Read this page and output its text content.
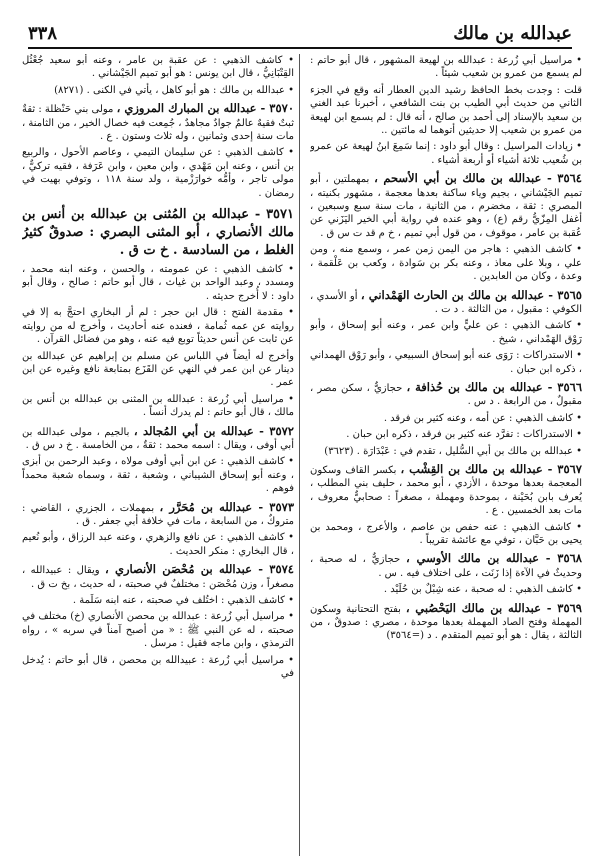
عبدالله بن مالك
٣٣٨

• مراسيل أبي زُرعة : عبدالله بن لهيعة المشهور ، قال أبو حاتم : لم يسمع من عمرو بن شعيب شيئاً .

قلت : وجدت بخط الحافظ رشيد الدين العطار أنه وقع في الجزء الثاني من حديث أبي الطيب بن بنت الشافعي ، أخبرنا عبد الغني بن سعيد بالإسناد إلى أحمد بن صالح ، أنه قال : لم يسمع ابن لهيعة من عمرو بن شعيب إلا حديثين أتوهما له مائتين ..

• زيادات المراسيل : وقال أبو داود : إنما سَمِعَ ابنُ لهيعة عن عمرو بن شُعيب ثلاثة أشياء أو أربعة أشياء .

٣٥٦٤ - عبدالله بن مالك بن أبي الأسحم ، بمهملتين ، أبو تميم الجَيْشاني ، بجيم وياء ساكنة بعدها معجمة ، مشهور بكنيته ، المصري : ثقة ، مخضرم ، من الثانية ، مات سنة سبع وسبعين ، أغفل المِزّيُّ رقم (ع) ، وهو عنده في رواية أبي الخير اليَزَني عن عُقبة بن عامر ، موقوف ، من قول أبي تميم ، خ م قد ت س ق .

• كاشف الذهبي : هاجر من اليمن زمن عمر ، وسمع منه ، ومن علي ، وبلا على معاذ ، وعنه بكر بن سَوادة ، وكعب بن عَلْقمة ، وعدة ، وكان من العابدين .

٣٥٦٥ - عبدالله بن مالك بن الحارث الهَمْداني ، أو الأسدي ، الكوفي : مقبول ، من الثالثة . د ت .

• كاشف الذهبي : عن عليٍّ وابن عمر ، وعنه أبو إسحاق ، وأبو رَوْق الهَمْداني ، شيخ .

• الاستدراكات : رَوَى عنه أبو إسحاق السبيعي ، وأبو رَوْق الهمداني ، ذكره ابن حبان .

٣٥٦٦ - عبدالله بن مالك بن حُذافة ، حجازيٌّ ، سكن مصر ، مقبولٌ ، من الرابعة . د س .

• كاشف الذهبي : عن أمه ، وعنه كثير بن فرقد .

• الاستدراكات : تفرَّد عنه كثير بن فرقد ، ذكره ابن حبان .

• عبدالله بن مالك بن أبي السُّليل ، تقدم في : عَبْدَارَة . (٣٦٢٣)

٣٥٦٧ - عبدالله بن مالك بن القِشْب ، بكسر القاف وسكون المعجمة بعدها موحدة ، الأزدي ، أبو محمد ، حليف بني المطلب ، يُعرف بابن بُحَيْنة ، بموحدة ومهملة ، مصغراً : صحابيٌّ معروف ، مات بعد الخمسين . ع .

• كاشف الذهبي : عنه حفص بن عاصم ، والأعرج ، ومحمد بن يحيى بن حَبَّان ، توفي مع عائشة تقريباً .

٣٥٦٨ - عبدالله بن مالك الأوسي ، حجازيٌّ ، له صحبة ، وحديثٌ في الآءة إذا زَنَت ، على اختلاف فيه . س .

• كاشف الذهبي : له صحبة ، عنه شِبْلٌ بن حُلَيْد .

٣٥٦٩ - عبدالله بن مالك اليَحْصُبي ، بفتح التحتانية وسكون المهملة وفتح الصاد المهملة بعدها موحدة ، مصري : صدوقٌ ، من الثالثة ، يقال : هو أبو تميم المتقدم . د (=٣٥٦٤)

• كاشف الذهبي : عن عقبة بن عامر ، وعنه أبو سعيد جُعْثُل القِتْبَانِيُّ ، قال ابن يونس : هو أبو تميم الجَيْشاني .

• عبدالله بن مالك : هو أبو كاهل ، يأتي في الكنى . (٨٢٧١)

٣٥٧٠ - عبدالله بن المبارك المروزي ، مولى بني حَنْظلة : ثقةٌ ثبتٌ فقيهٌ عالمٌ جوادٌ مجاهدٌ ، جُمِعت فيه خصال الخير ، من الثامنة ، مات سنة إحدى وثمانين ، وله ثلاث وستون . ع .

• كاشف الذهبي : عن سليمان التيمي ، وعاصم الأحول ، والربيع بن أنس ، وعنه ابن مَهْدي ، وابن معين ، وابن عَرَفة ، فقيه تركيٌّ ، مولى تاجر ، وأمُّه خوارَزْمية ، ولد سنة ١١٨ ، وتوفي بهيت في رمضان .

٣٥٧١ - عبدالله بن المُثنى بن عبدالله بن أنس بن مالك الأنصاري ، أبو المثنى البصري : صدوقٌ كثيرُ الغلط ، من السادسة . خ ت ق .

• كاشف الذهبي : عن عمومته ، والحسن ، وعنه ابنه محمد ، ومسدد ، وعبد الواحد بن غياث ، قال أبو حاتم : صالح ، وقال أبو داود : لا أُخرج حديثه .

• مقدمة الفتح : قال ابن حجر : لم أر البخاري احتجَّ به إلا في روايته عن عمه ثُمامة ، فعنده عنه أحاديث ، وأخرج له من روايته عن ثابت عن أنس حديثاً توبع فيه عنه ، وهو من فضائل القرآن .

وأخرج له أيضاً في اللباس عن مسلم بن إبراهيم عن عبدالله بن دينار عن ابن عمر في النهي عن القَزَع بمتابعة نافع وغيره عن ابن عمر .

• مراسيل أبي زُرعة : عبدالله بن المثنى بن عبدالله بن أنس بن مالك ، قال أبو حاتم : لم يدرك أنساً .

٣٥٧٢ - عبدالله بن أبي المُجالد ، بالجيم ، مولى عبدالله بن أبي أوفى ، ويقال : اسمه محمد : ثقةٌ ، من الخامسة . خ د س ق .

• كاشف الذهبي : عن ابن أبي أوفى مولاه ، وعبد الرحمن بن أبزى ، وعنه أبو إسحاق الشيباني ، وشعبة ، ثقة ، وسماه شعبة محمداً فوهم .

٣٥٧٣ - عبدالله بن مُحَرَّر ، بمهملات ، الجزري ، القاضي : متروكٌ ، من السابعة ، مات في خلافة أبي جعفر . ق .

• كاشف الذهبي : عن نافع والزهري ، وعنه عبد الرزاق ، وأبو نُعيم ، قال البخاري : منكر الحديث .

٣٥٧٤ - عبدالله بن مُحْصَن الأنصاري ، ويقال : عبيدالله ، مصغراً ، وزن مُحْصَن : مختلفٌ في صحبته ، له حديث ، بخ ت ق .

• كاشف الذهبي : اختُلف في صحبته ، عنه ابنه سَلَمة .

• مراسيل أبي زُرعة : عبدالله بن محصن الأنصاري (خ) مختلف في صحبته ، له عن النبي ﷺ : « من أصبح آمناً في سربه » ، رواه الترمذي ، وابن ماجه فقيل : مرسل .

• مراسيل أبي زُرعة : عبيدالله بن محصن ، قال أبو حاتم : يُدخل في
